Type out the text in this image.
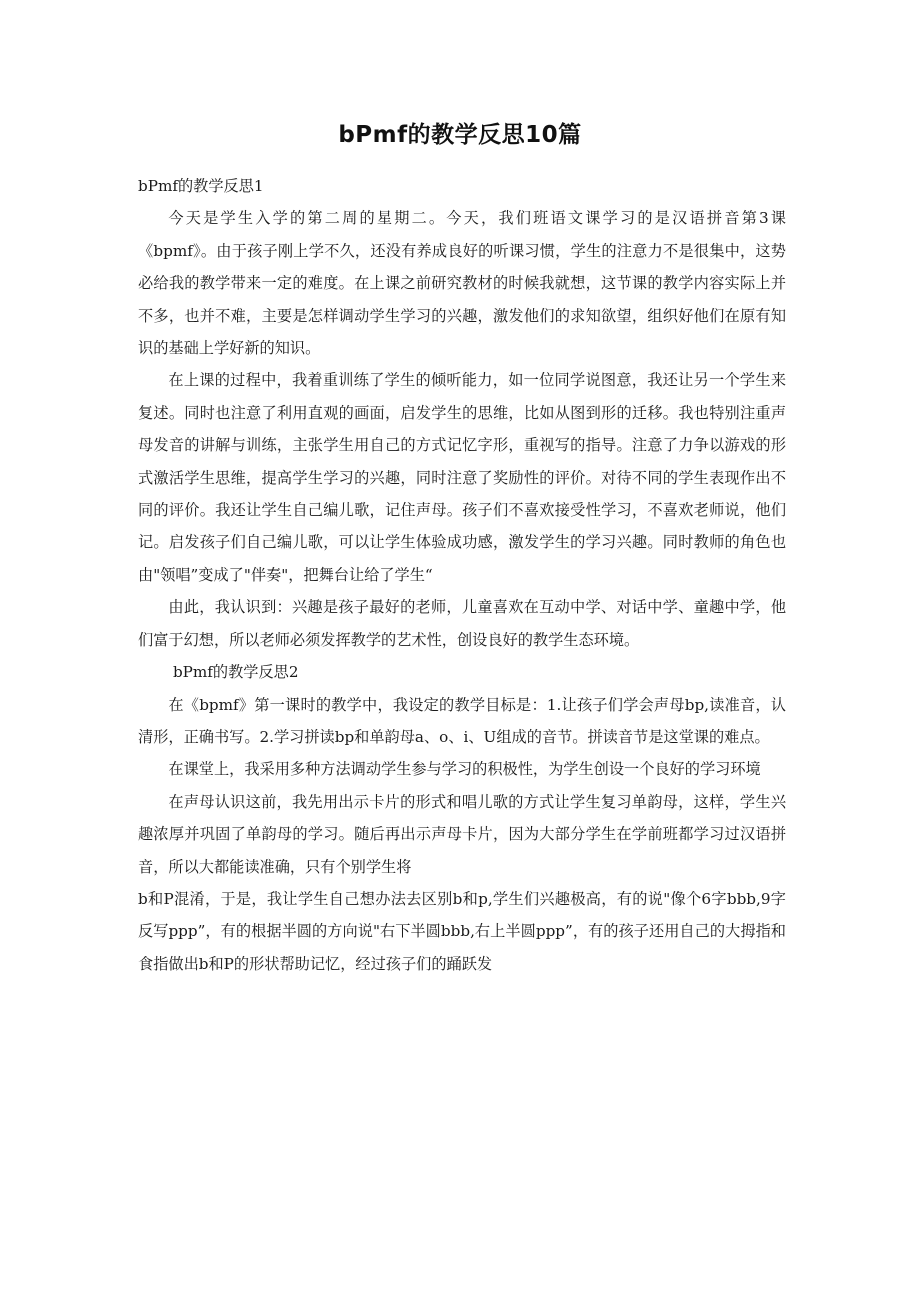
bPmf的教学反思10篇

bPmf的教学反思1

今天是学生入学的第二周的星期二。今天，我们班语文课学习的是汉语拼音第3课《bpmf》。由于孩子刚上学不久，还没有养成良好的听课习惯，学生的注意力不是很集中，这势必给我的教学带来一定的难度。在上课之前研究教材的时候我就想，这节课的教学内容实际上并不多，也并不难，主要是怎样调动学生学习的兴趣，激发他们的求知欲望，组织好他们在原有知识的基础上学好新的知识。

在上课的过程中，我着重训练了学生的倾听能力，如一位同学说图意，我还让另一个学生来复述。同时也注意了利用直观的画面，启发学生的思维，比如从图到形的迁移。我也特别注重声母发音的讲解与训练，主张学生用自己的方式记忆字形，重视写的指导。注意了力争以游戏的形式激活学生思维，提高学生学习的兴趣，同时注意了奖励性的评价。对待不同的学生表现作出不同的评价。我还让学生自己编儿歌，记住声母。孩子们不喜欢接受性学习，不喜欢老师说，他们记。启发孩子们自己编儿歌，可以让学生体验成功感，激发学生的学习兴趣。同时教师的角色也由"领唱”变成了"伴奏"，把舞台让给了学生“

由此，我认识到：兴趣是孩子最好的老师，儿童喜欢在互动中学、对话中学、童趣中学，他们富于幻想，所以老师必须发挥教学的艺术性，创设良好的教学生态环境。

bPmf的教学反思2

在《bpmf》第一课时的教学中，我设定的教学目标是：1.让孩子们学会声母bp,读准音，认清形，正确书写。2.学习拼读bp和单韵母a、o、i、U组成的音节。拼读音节是这堂课的难点。

在课堂上，我采用多种方法调动学生参与学习的积极性，为学生创设一个良好的学习环境

在声母认识这前，我先用出示卡片的形式和唱儿歌的方式让学生复习单韵母，这样，学生兴趣浓厚并巩固了单韵母的学习。随后再出示声母卡片，因为大部分学生在学前班都学习过汉语拼音，所以大都能读准确，只有个别学生将

b和P混淆，于是，我让学生自己想办法去区别b和p,学生们兴趣极高，有的说"像个6字bbb,9字反写ppp”，有的根据半圆的方向说"右下半圆bbb,右上半圆ppp”，有的孩子还用自己的大拇指和食指做出b和P的形状帮助记忆，经过孩子们的踊跃发
